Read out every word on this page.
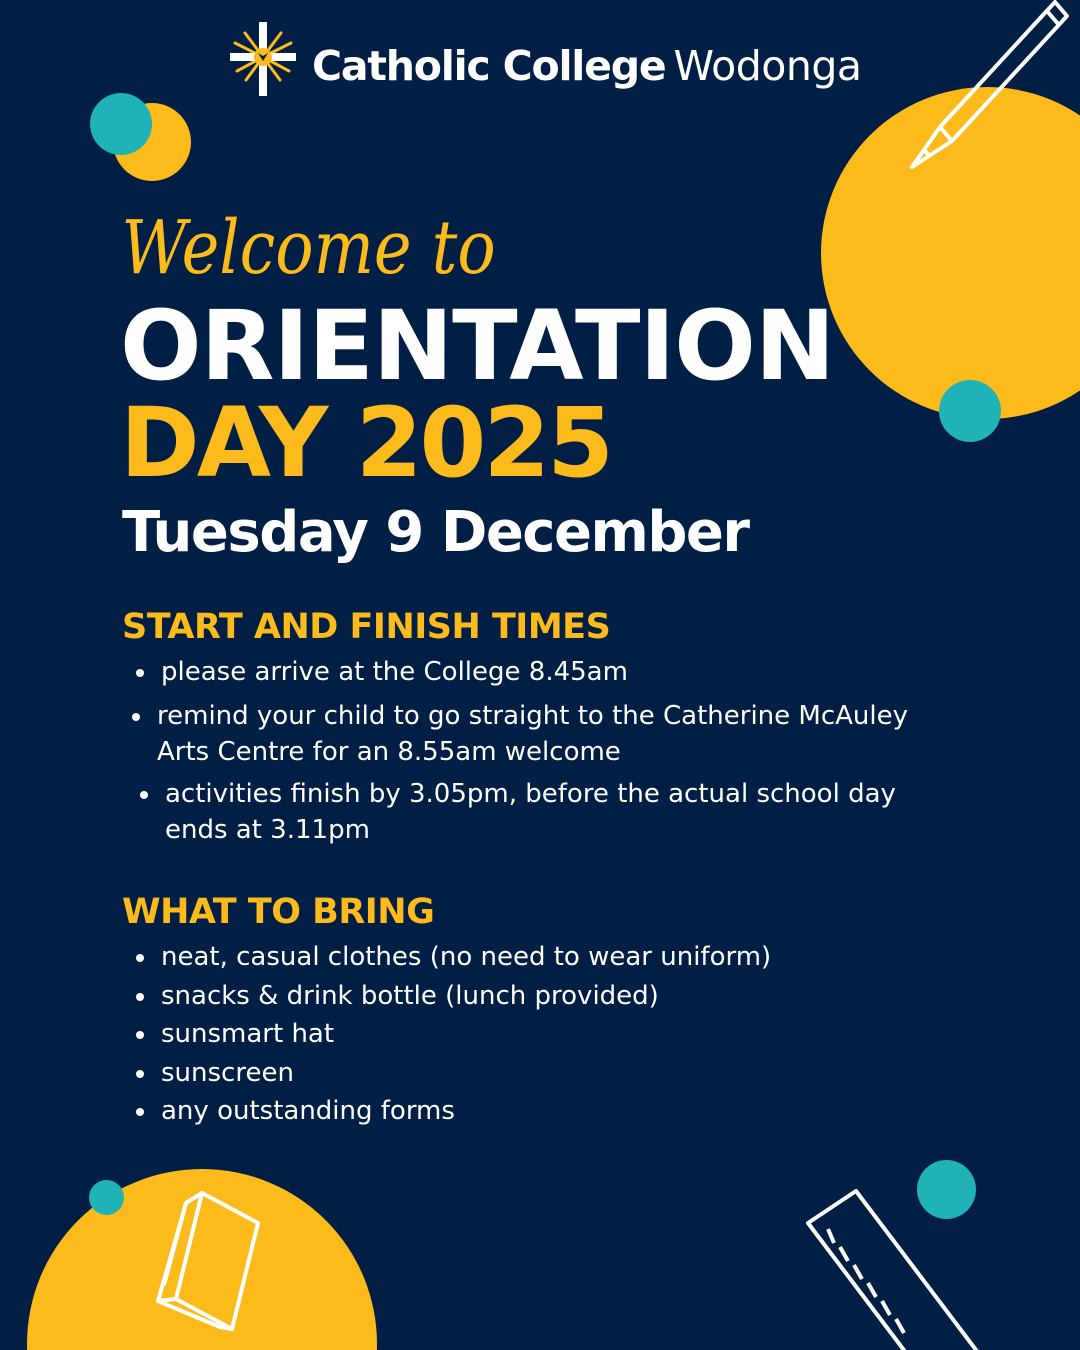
Catholic College Wodonga
Welcome to
ORIENTATION
DAY 2025
Tuesday 9 December
START AND FINISH TIMES
please arrive at the College 8.45am
remind your child to go straight to the Catherine McAuley
Arts Centre for an 8.55am welcome
activities finish by 3.05pm, before the actual school day
ends at 3.11pm
WHAT TO BRING
neat, casual clothes (no need to wear uniform)
snacks & drink bottle (lunch provided)
sunsmart hat
sunscreen
any outstanding forms
